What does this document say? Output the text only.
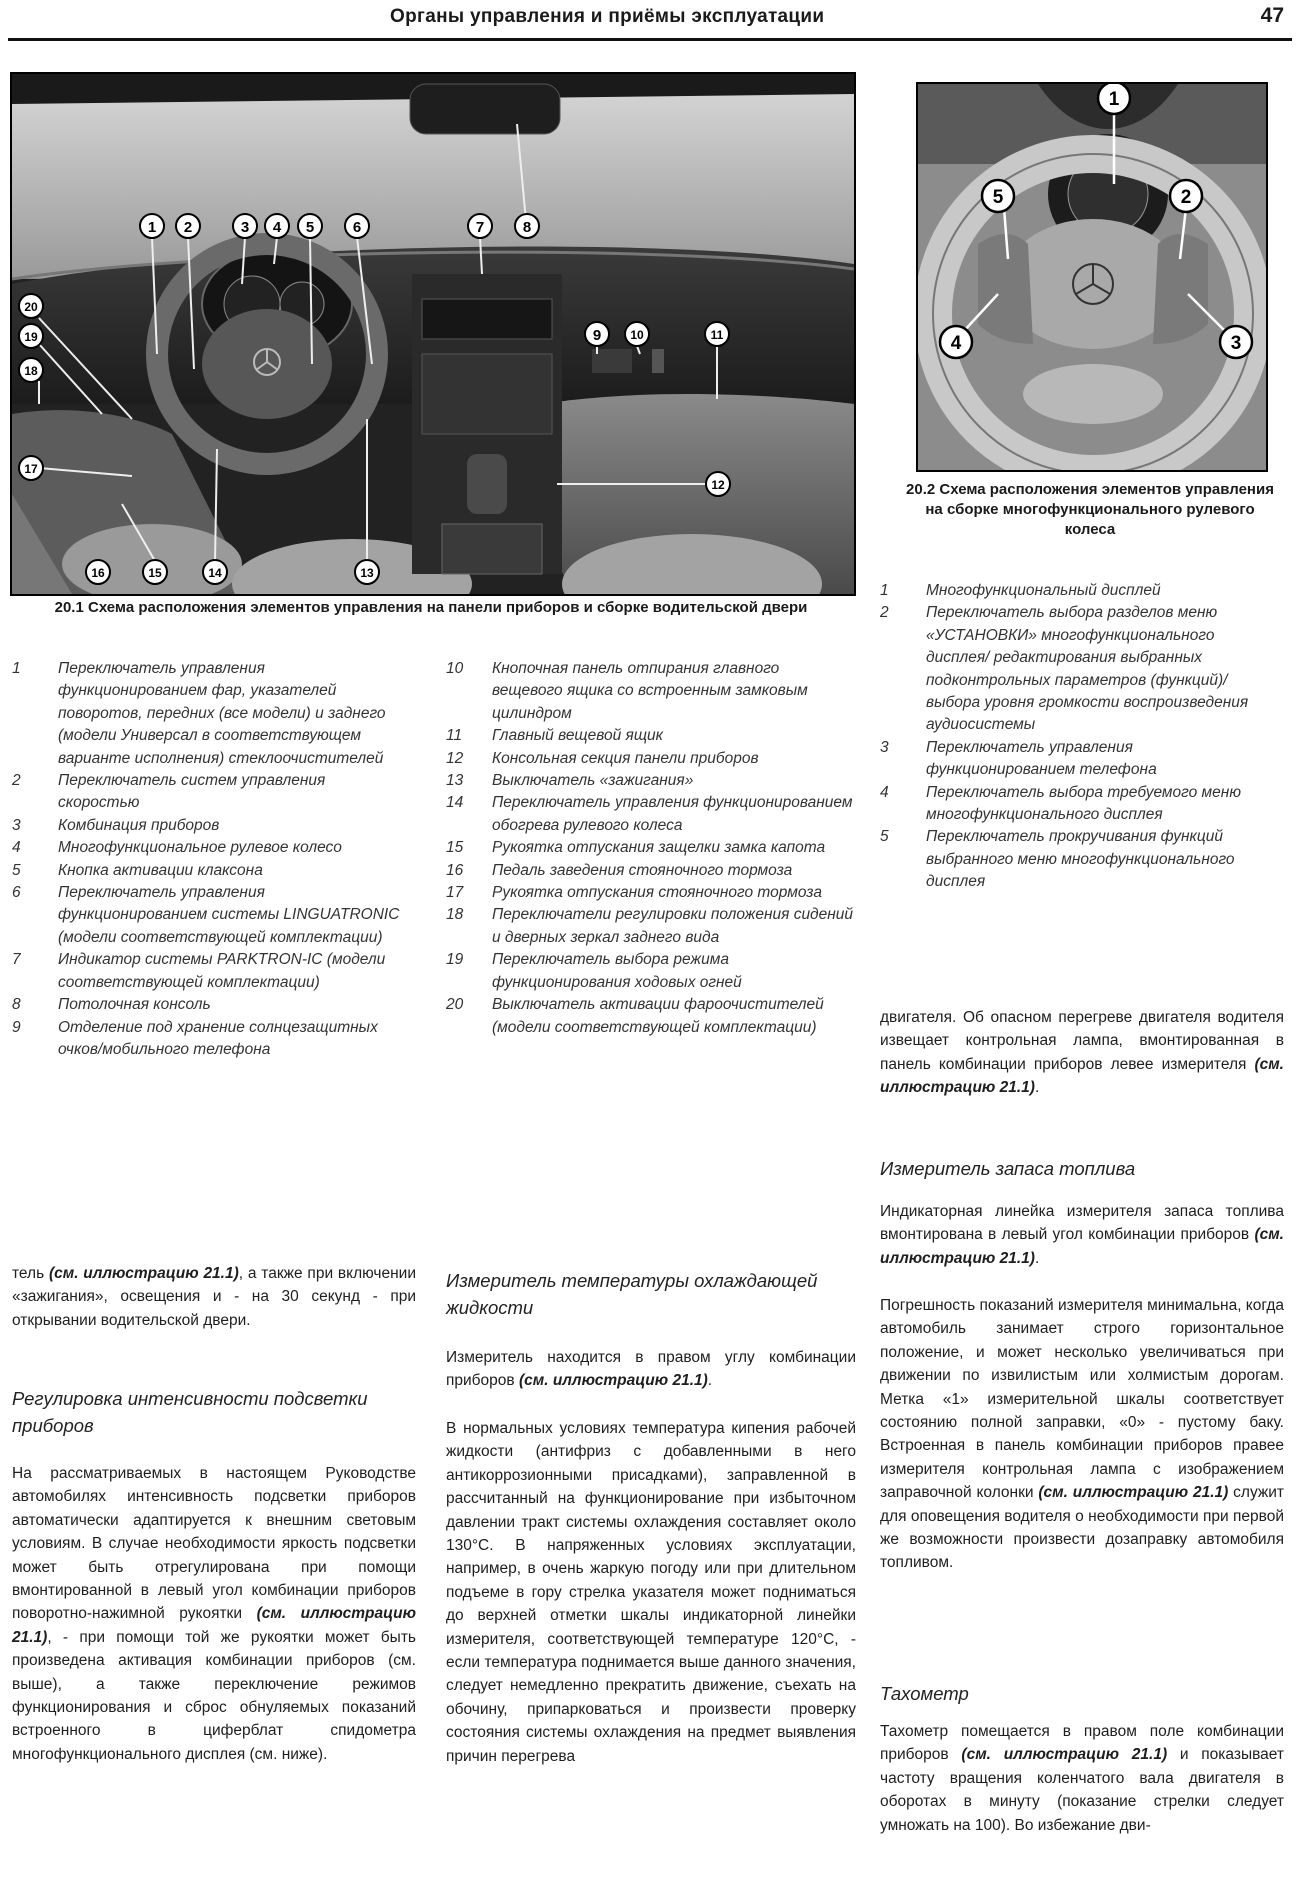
Органы управления и приёмы эксплуатации	47
1 2	3 4 5	6	7	8
9 10	11
12
13
14
15
16
17
18
19
20
20.1 Схема расположения элементов управления на панели приборов и сборке водительской двери
1
2
3
4
5
20.2 Схема расположения элементов управления на сборке многофункционального рулевого колеса
1	Переключатель управления функционированием фар, указателей поворотов, передних (все модели) и заднего (модели Универсал в соответствующем варианте исполнения) стеклоочистителей
2	Переключатель систем управления скоростью
3	Комбинация приборов
4	Многофункциональное рулевое колесо
5	Кнопка активации клаксона
6	Переключатель управления функционированием системы LINGUATRONIC (модели соответствующей комплектации)
7	Индикатор системы PARKTRON-IC (модели соответствующей комплектации)
8	Потолочная консоль
9	Отделение под хранение солнцезащитных очков/мобильного телефона
10	Кнопочная панель отпирания главного вещевого ящика со встроенным замковым цилиндром
11	Главный вещевой ящик
12	Консольная секция панели приборов
13	Выключатель «зажигания»
14	Переключатель управления функционированием обогрева рулевого колеса
15	Рукоятка отпускания защелки замка капота
16	Педаль заведения стояночного тормоза
17	Рукоятка отпускания стояночного тормоза
18	Переключатели регулировки положения сидений и дверных зеркал заднего вида
19	Переключатель выбора режима функционирования ходовых огней
20	Выключатель активации фароочистителей (модели соответствующей комплектации)
1	Многофункциональный дисплей
2	Переключатель выбора разделов меню «УСТАНОВКИ» многофункционального дисплея/ редактирования выбранных подконтрольных параметров (функций)/выбора уровня громкости воспроизведения аудиосистемы
3	Переключатель управления функционированием телефона
4	Переключатель выбора требуемого меню многофункционального дисплея
5	Переключатель прокручивания функций выбранного меню многофункционального дисплея
тель (см. иллюстрацию 21.1), а также при включении «зажигания», освещения и - на 30 секунд - при открывании водительской двери.
Регулировка интенсивности подсветки приборов
На рассматриваемых в настоящем Руководстве автомобилях интенсивность подсветки приборов автоматически адаптируется к внешним световым условиям. В случае необходимости яркость подсветки может быть отрегулирована при помощи вмонтированной в левый угол комбинации приборов поворотно-нажимной рукоятки (см. иллюстрацию 21.1), - при помощи той же рукоятки может быть произведена активация комбинации приборов (см. выше), а также переключение режимов функционирования и сброс обнуляемых показаний встроенного в циферблат спидометра многофункционального дисплея (см. ниже).
Измеритель температуры охлаждающей жидкости
Измеритель находится в правом углу комбинации приборов (см. иллюстрацию 21.1).
В нормальных условиях температура кипения рабочей жидкости (антифриз с добавленными в него антикоррозионными присадками), заправленной в рассчитанный на функционирование при избыточном давлении тракт системы охлаждения составляет около 130°С. В напряженных условиях эксплуатации, например, в очень жаркую погоду или при длительном подъеме в гору стрелка указателя может подниматься до верхней отметки шкалы индикаторной линейки измерителя, соответствующей температуре 120°С, - если температура поднимается выше данного значения, следует немедленно прекратить движение, съехать на обочину, припарковаться и произвести проверку состояния системы охлаждения на предмет выявления причин перегрева
двигателя. Об опасном перегреве двигателя водителя извещает контрольная лампа, вмонтированная в панель комбинации приборов левее измерителя (см. иллюстрацию 21.1).
Измеритель запаса топлива
Индикаторная линейка измерителя запаса топлива вмонтирована в левый угол комбинации приборов (см. иллюстрацию 21.1).
Погрешность показаний измерителя минимальна, когда автомобиль занимает строго горизонтальное положение, и может несколько увеличиваться при движении по извилистым или холмистым дорогам. Метка «1» измерительной шкалы соответствует состоянию полной заправки, «0» - пустому баку. Встроенная в панель комбинации приборов правее измерителя контрольная лампа с изображением заправочной колонки (см. иллюстрацию 21.1) служит для оповещения водителя о необходимости при первой же возможности произвести дозаправку автомобиля топливом.
Тахометр
Тахометр помещается в правом поле комбинации приборов (см. иллюстрацию 21.1) и показывает частоту вращения коленчатого вала двигателя в оборотах в минуту (показание стрелки следует умножать на 100). Во избежание дви-
